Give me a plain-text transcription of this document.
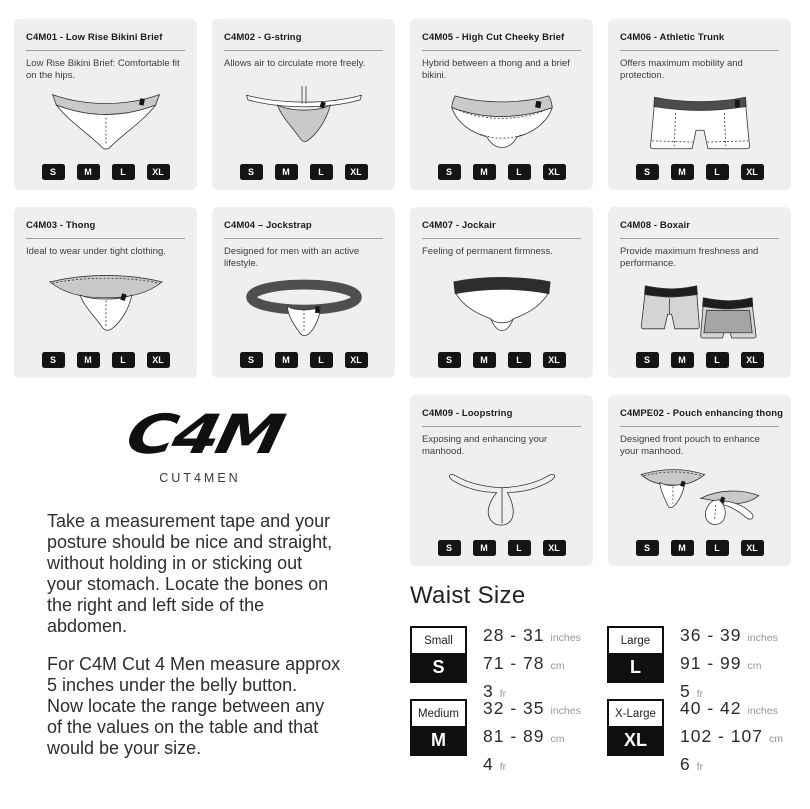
C4M01 - Low Rise Bikini Brief
Low Rise Bikini Brief: Comfortable fit on the hips.
S	M	L	XL
C4M02 - G-string
Allows air to circulate more freely.
S	M	L	XL
C4M05 - High Cut Cheeky Brief
Hybrid between a thong and a brief bikini.
S	M	L	XL
C4M06 - Athletic Trunk
Offers maximum mobility and protection.
S	M	L	XL
C4M03 - Thong
Ideal to wear under tight clothing.
S	M	L	XL
C4M04 – Jockstrap
Designed for men with an active lifestyle.
S	M	L	XL
C4M07 - Jockair
Feeling of permanent firmness.
S	M	L	XL
C4M08 - Boxair
Provide maximum freshness and performance.
S	M	L	XL
C4M09 - Loopstring
Exposing and enhancing your manhood.
S	M	L	XL
C4MPE02 - Pouch enhancing thong
Designed front pouch to enhance your manhood.
S	M	L	XL
C4M
CUT4MEN
Take a measurement tape and your
posture should be nice and straight,
without holding in or sticking out
your stomach. Locate the bones on
the right and left side of the
abdomen.
For C4M Cut 4 Men measure approx
5 inches under the belly button.
Now locate the range between any
of the values on the table and that
would be your size.
Waist Size
Small
S
28 - 31 inches
71 - 78 cm
3 fr
Medium
M
32 - 35 inches
81 - 89 cm
4 fr
Large
L
36 - 39 inches
91 - 99 cm
5 fr
X-Large
XL
40 - 42 inches
102 - 107 cm
6 fr
